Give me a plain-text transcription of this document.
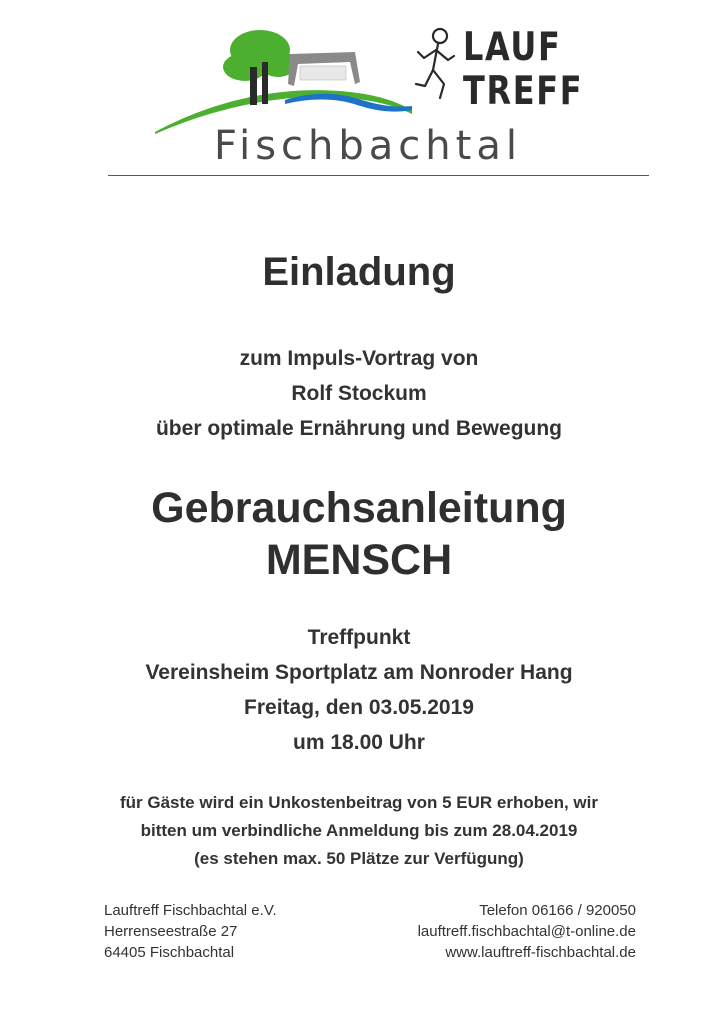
LAUF
TREFF
Fischbachtal
Einladung
zum Impuls-Vortrag von
Rolf Stockum
über optimale Ernährung und Bewegung
Gebrauchsanleitung
MENSCH
Treffpunkt
Vereinsheim Sportplatz am Nonroder Hang
Freitag, den 03.05.2019
um 18.00 Uhr
für Gäste wird ein Unkostenbeitrag von 5 EUR erhoben, wir
bitten um verbindliche Anmeldung bis zum 28.04.2019
(es stehen max. 50 Plätze zur Verfügung)
Lauftreff Fischbachtal e.V.
Herrenseestraße 27
64405 Fischbachtal
Telefon 06166 / 920050
lauftreff.fischbachtal@t-online.de
www.lauftreff-fischbachtal.de
